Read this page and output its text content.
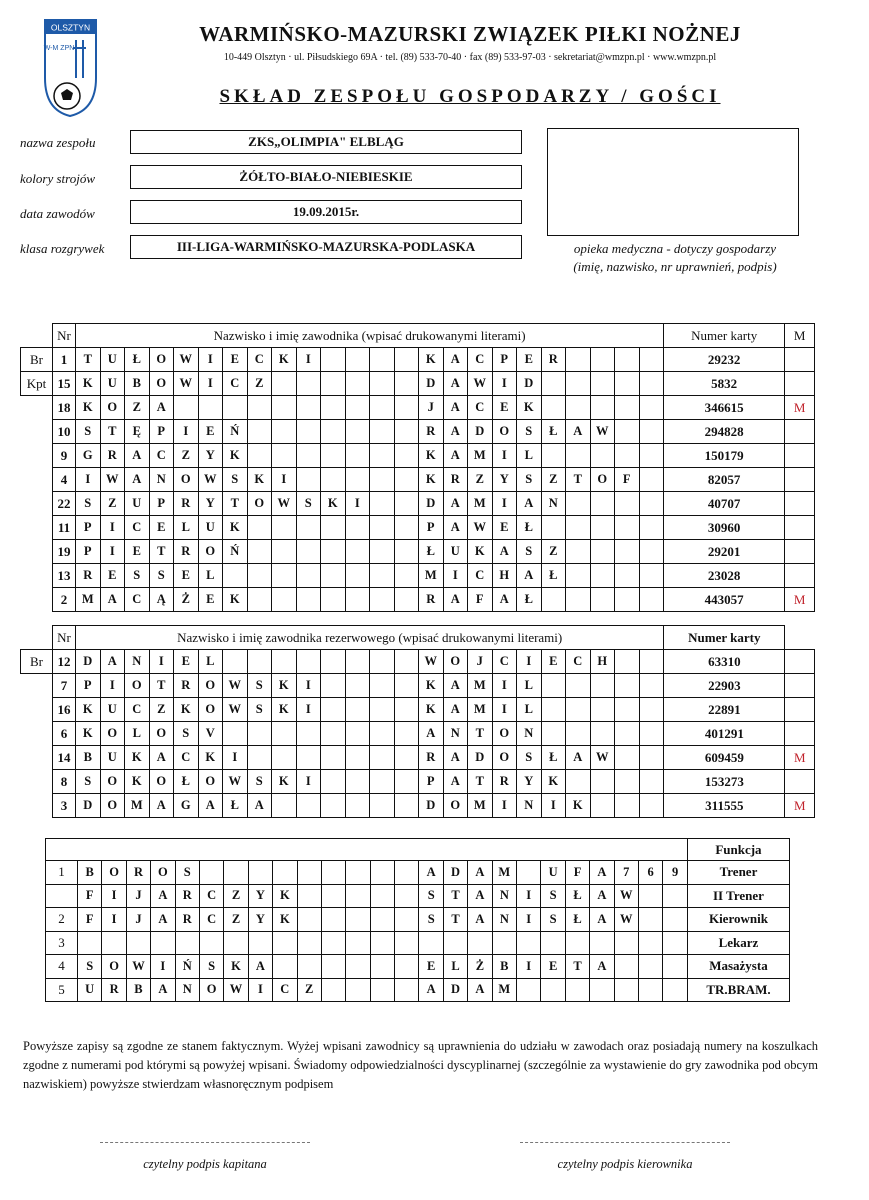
OLSZTYN
W-M ZPN
WARMIŃSKO-MAZURSKI ZWIĄZEK PIŁKI NOŻNEJ
10-449 Olsztyn · ul. Piłsudskiego 69A · tel. (89) 533-70-40 · fax (89) 533-97-03 · sekretariat@wmzpn.pl · www.wmzpn.pl
SKŁAD ZESPOŁU GOSPODARZY / GOŚCI
nazwa zespołu	ZKS„OLIMPIA" ELBLĄG
kolory strojów	ŻÓŁTO-BIAŁO-NIEBIESKIE
data zawodów	19.09.2015r.
klasa rozgrywek	III-LIGA-WARMIŃSKO-MAZURSKA-PODLASKA	opieka medyczna - dotyczy gospodarzy
(imię, nazwisko, nr uprawnień, podpis)
	Nr	Nazwisko i imię zawodnika (wpisać drukowanymi literami)																								Numer karty	M
Br	1	T	U	Ł	O	W	I	E	C	K	I					K	A	C	P	E	R					29232	
Kpt	15	K	U	B	O	W	I	C	Z							D	A	W	I	D						5832	
	18	K	O	Z	A											J	A	C	E	K						346615	M
	10	S	T	Ę	P	I	E	Ń								R	A	D	O	S	Ł	A	W			294828	
	9	G	R	A	C	Z	Y	K								K	A	M	I	L						150179	
	4	I	W	A	N	O	W	S	K	I						K	R	Z	Y	S	Z	T	O	F		82057	
	22	S	Z	U	P	R	Y	T	O	W	S	K	I			D	A	M	I	A	N					40707	
	11	P	I	C	E	L	U	K								P	A	W	E	Ł						30960	
	19	P	I	E	T	R	O	Ń								Ł	U	K	A	S	Z					29201	
	13	R	E	S	S	E	L									M	I	C	H	A	Ł					23028	
	2	M	A	C	Ą	Ż	E	K								R	A	F	A	Ł						443057	M
	Nr	Nazwisko i imię zawodnika rezerwowego (wpisać drukowanymi literami)																								Numer karty	
Br	12	D	A	N	I	E	L									W	O	J	C	I	E	C	H			63310	
	7	P	I	O	T	R	O	W	S	K	I					K	A	M	I	L						22903	
	16	K	U	C	Z	K	O	W	S	K	I					K	A	M	I	L						22891	
	6	K	O	L	O	S	V									A	N	T	O	N						401291	
	14	B	U	K	A	C	K	I								R	A	D	O	S	Ł	A	W			609459	M
	8	S	O	K	O	Ł	O	W	S	K	I					P	A	T	R	Y	K					153273	
	3	D	O	M	A	G	A	Ł	A							D	O	M	I	N	I	K				311555	M
																										Funkcja
1	B	O	R	O	S										A	D	A	M		U	F	A	7	6	9	Trener
	F	I	J	A	R	C	Z	Y	K						S	T	A	N	I	S	Ł	A	W			II Trener
2	F	I	J	A	R	C	Z	Y	K						S	T	A	N	I	S	Ł	A	W			Kierownik
3																										Lekarz
4	S	O	W	I	Ń	S	K	A							E	L	Ż	B	I	E	T	A				Masażysta
5	U	R	B	A	N	O	W	I	C	Z					A	D	A	M								TR.BRAM.
Powyższe zapisy są zgodne ze stanem faktycznym. Wyżej wpisani zawodnicy są uprawnienia do udziału w zawodach oraz posiadają numery na koszulkach zgodne z numerami pod którymi są powyżej wpisani. Świadomy odpowiedzialności dyscyplinarnej (szczególnie za wystawienie do gry zawodnika pod obcym nazwiskiem) powyższe stwierdzam własnoręcznym podpisem
czytelny podpis kapitana	czytelny podpis kierownika
